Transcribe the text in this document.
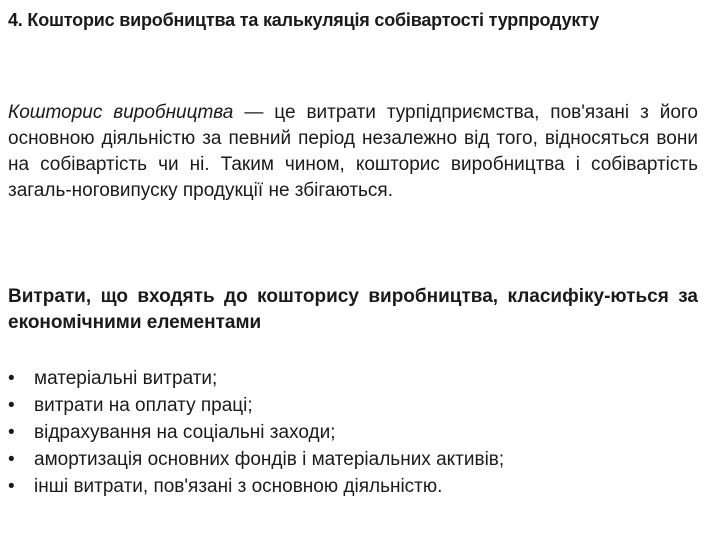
4. Кошторис виробництва та калькуляція собівартості турпродукту
Кошторис виробництва — це витрати турпідприємства, пов'язані з його основною діяльністю за певний період незалежно від того, відносяться вони на собівартість чи ні. Таким чином, кошторис виробництва і собівартість загаль-ноговипуску продукції не збігаються.
Витрати, що входять до кошторису виробництва, класифіку-ються за економічними елементами
• матеріальні витрати;
• витрати на оплату праці;
• відрахування на соціальні заходи;
• амортизація основних фондів і матеріальних активів;
• інші витрати, пов'язані з основною діяльністю.
